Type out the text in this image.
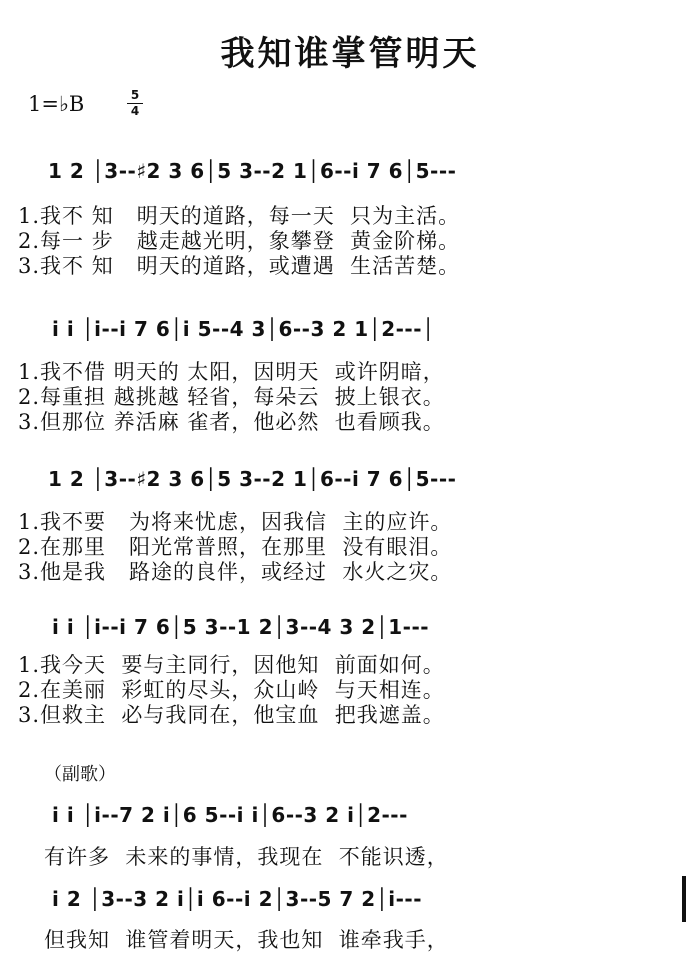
我知谁掌管明天
1=♭B	5
4
1 2 │3--♯2 3 6│5 3--2 1│6--i 7 6│5---
1.我不 知   明天的道路，每一天  只为主活。
2.每一 步   越走越光明，象攀登  黄金阶梯。
3.我不 知   明天的道路，或遭遇  生活苦楚。
i i │i--i 7 6│i 5--4 3│6--3 2 1│2---│
1.我不借 明天的 太阳，因明天  或许阴暗，
2.每重担 越挑越 轻省，每朵云  披上银衣。
3.但那位 养活麻 雀者，他必然  也看顾我。
1 2 │3--♯2 3 6│5 3--2 1│6--i 7 6│5---
1.我不要   为将来忧虑，因我信  主的应许。
2.在那里   阳光常普照，在那里  没有眼泪。
3.他是我   路途的良伴，或经过  水火之灾。
i i │i--i 7 6│5 3--1 2│3--4 3 2│1---
1.我今天  要与主同行，因他知  前面如何。
2.在美丽  彩虹的尽头，众山岭  与天相连。
3.但救主  必与我同在，他宝血  把我遮盖。
（副歌）
i i │i--7 2 i│6 5--i i│6--3 2 i│2---
有许多  未来的事情，我现在  不能识透，
i 2 │3--3 2 i│i 6--i 2│3--5 7 2│i---
但我知  谁管着明天，我也知  谁牵我手，
